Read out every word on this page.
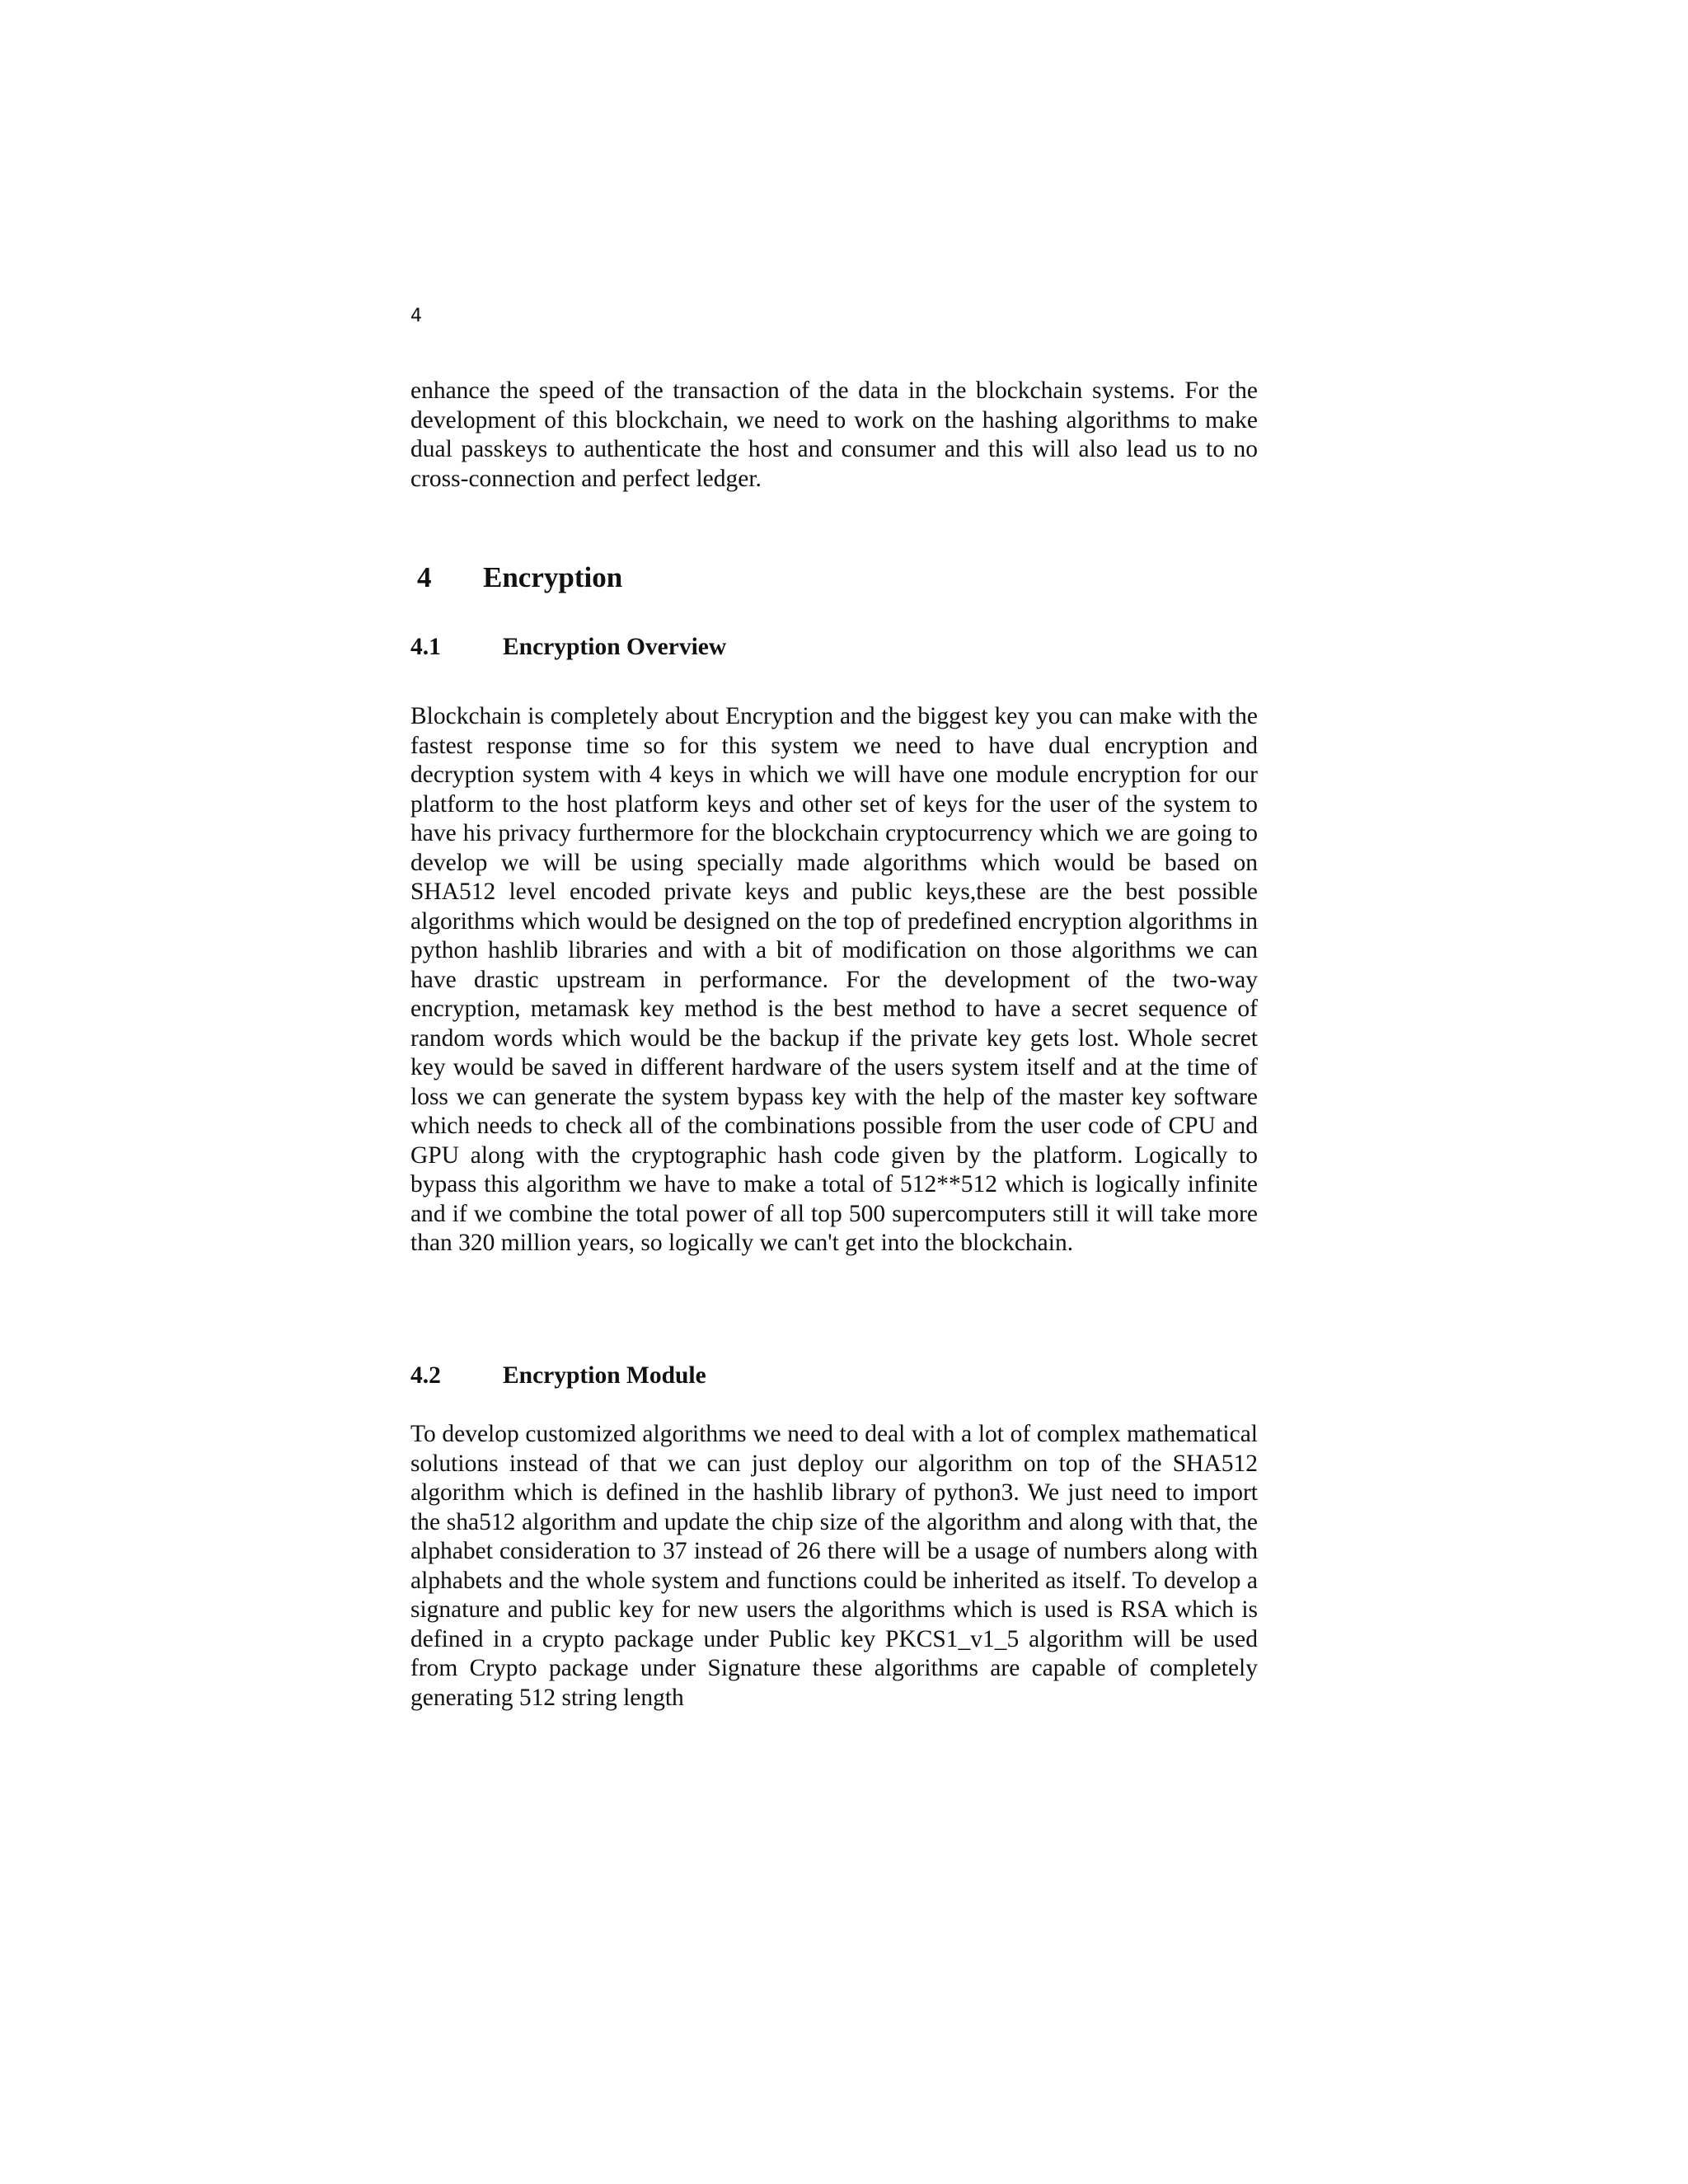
4

enhance the speed of the transaction of the data in the blockchain systems. For the development of this blockchain, we need to work on the hashing algorithms to make dual passkeys to authenticate the host and consumer and this will also lead us to no cross-connection and perfect ledger.

4 Encryption
4.1	Encryption Overview

Blockchain is completely about Encryption and the biggest key you can make with the fastest response time so for this system we need to have dual encryption and decryption system with 4 keys in which we will have one module encryption for our platform to the host platform keys and other set of keys for the user of the system to have his privacy furthermore for the blockchain cryptocurrency which we are going to develop we will be using specially made algorithms which would be based on SHA512 level encoded private keys and public keys,these are the best possible algorithms which would be designed on the top of predefined encryption algorithms in python hashlib libraries and with a bit of modification on those algorithms we can have drastic upstream in performance. For the development of the two-way encryption, metamask key method is the best method to have a secret sequence of random words which would be the backup if the private key gets lost. Whole secret key would be saved in different hardware of the users system itself and at the time of loss we can generate the system bypass key with the help of the master key software which needs to check all of the combinations possible from the user code of CPU and GPU along with the cryptographic hash code given by the platform. Logically to bypass this algorithm we have to make a total of 512**512 which is logically infinite and if we combine the total power of all top 500 supercomputers still it will take more than 320 million years, so logically we can't get into the blockchain.

4.2	Encryption Module

To develop customized algorithms we need to deal with a lot of complex mathematical solutions instead of that we can just deploy our algorithm on top of the SHA512 algorithm which is defined in the hashlib library of python3. We just need to import the sha512 algorithm and update the chip size of the algorithm and along with that, the alphabet consideration to 37 instead of 26 there will be a usage of numbers along with alphabets and the whole system and functions could be inherited as itself. To develop a signature and public key for new users the algorithms which is used is RSA which is defined in a crypto package under Public key PKCS1_v1_5 algorithm will be used from Crypto package under Signature these algorithms are capable of completely generating 512 string length
